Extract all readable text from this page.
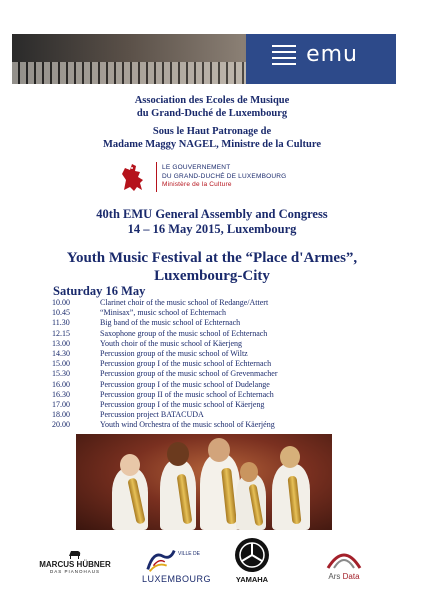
emu
Association des Ecoles de Musique
du Grand-Duché de Luxembourg
Sous le Haut Patronage de
Madame Maggy NAGEL, Ministre de la Culture
LE GOUVERNEMENT
DU GRAND-DUCHÉ DE LUXEMBOURG
Ministère de la Culture
40th EMU General Assembly and Congress
14 – 16 May 2015, Luxembourg
Youth Music Festival at the “Place d'Armes”,
Luxembourg-City
Saturday 16 May
10.00	Clarinet choir of the music school of Redange/Attert
10.45	“Minisax”, music school of Echternach
11.30	Big band of the music school of Echternach
12.15	Saxophone group of the music school of Echternach
13.00	Youth choir of the music school of Käerjeng
14.30	Percussion group of the music school of Wiltz
15.00	Percussion group I of the music school of Echternach
15.30	Percussion group of the music school of Grevenmacher
16.00	Percussion group I of the music school of Dudelange
16.30	Percussion group II of the music school of Echternach
17.00	Percussion group I of the music school of Käerjeng
18.00	Percussion project BATACUDA
20.00	Youth wind Orchestra of the music school of Käerjéng
MARCUS HÜBNER
DAS PIANOHAUS
VILLE DE
LUXEMBOURG	YAMAHA	Ars Data
